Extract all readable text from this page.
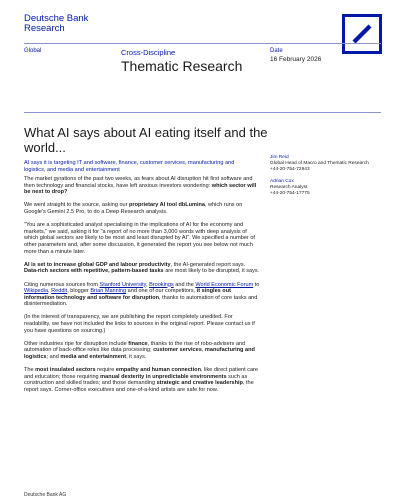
Deutsche Bank
Research
Global	Cross-Discipline
Thematic Research
Date
16 February 2026
What AI says about AI eating itself and the world...
AI says it is targeting IT and software, finance, customer services, manufacturing and logistics, and media and entertainment
Jim Reid
Global Head of Macro and Thematic Research
+44-20-754-72943
Adrian Cox
Research Analyst
+44-20-754-17775

The market gyrations of the past two weeks, as fears about AI disruption hit first software and then technology and financial stocks, have left anxious investors wondering: which sector will be next to drop?

We went straight to the source, asking our proprietary AI tool dbLumina, which runs on Google's Gemini 2.5 Pro, to do a Deep Research analysis.

"You are a sophisticated analyst specialising in the implications of AI for the economy and markets," we said, asking it for "a report of no more than 3,000 words with deep analysis of which global sectors are likely to be most and least disrupted by AI". We specified a number of other parameters and, after some discussion, it generated the report you see below not much more than a minute later.

AI is set to increase global GDP and labour productivity, the AI-generated report says. Data-rich sectors with repetitive, pattern-based tasks are most likely to be disrupted, it says.

Citing numerous sources from Stanford University, Brookings and the World Economic Forum to Wikipedia, Reddit, blogger Brian Manning and one of our competitors, it singles out information technology and software for disruption, thanks to automation of core tasks and disintermediation.

(In the interest of transparency, we are publishing the report completely unedited. For readability, we have not included the links to sources in the original report. Please contact us if you have questions on sourcing.)

Other industries ripe for disruption include finance, thanks to the rise of robo-advisers and automation of back-office roles like data processing; customer services, manufacturing and logistics; and media and entertainment, it says.

The most insulated sectors require empathy and human connection, like direct patient care and education; those requiring manual dexterity in unpredictable environments such as construction and skilled trades; and those demanding strategic and creative leadership, the report says. Corner-office executives and one-of-a-kind artists are safe for now.

Deutsche Bank AG
